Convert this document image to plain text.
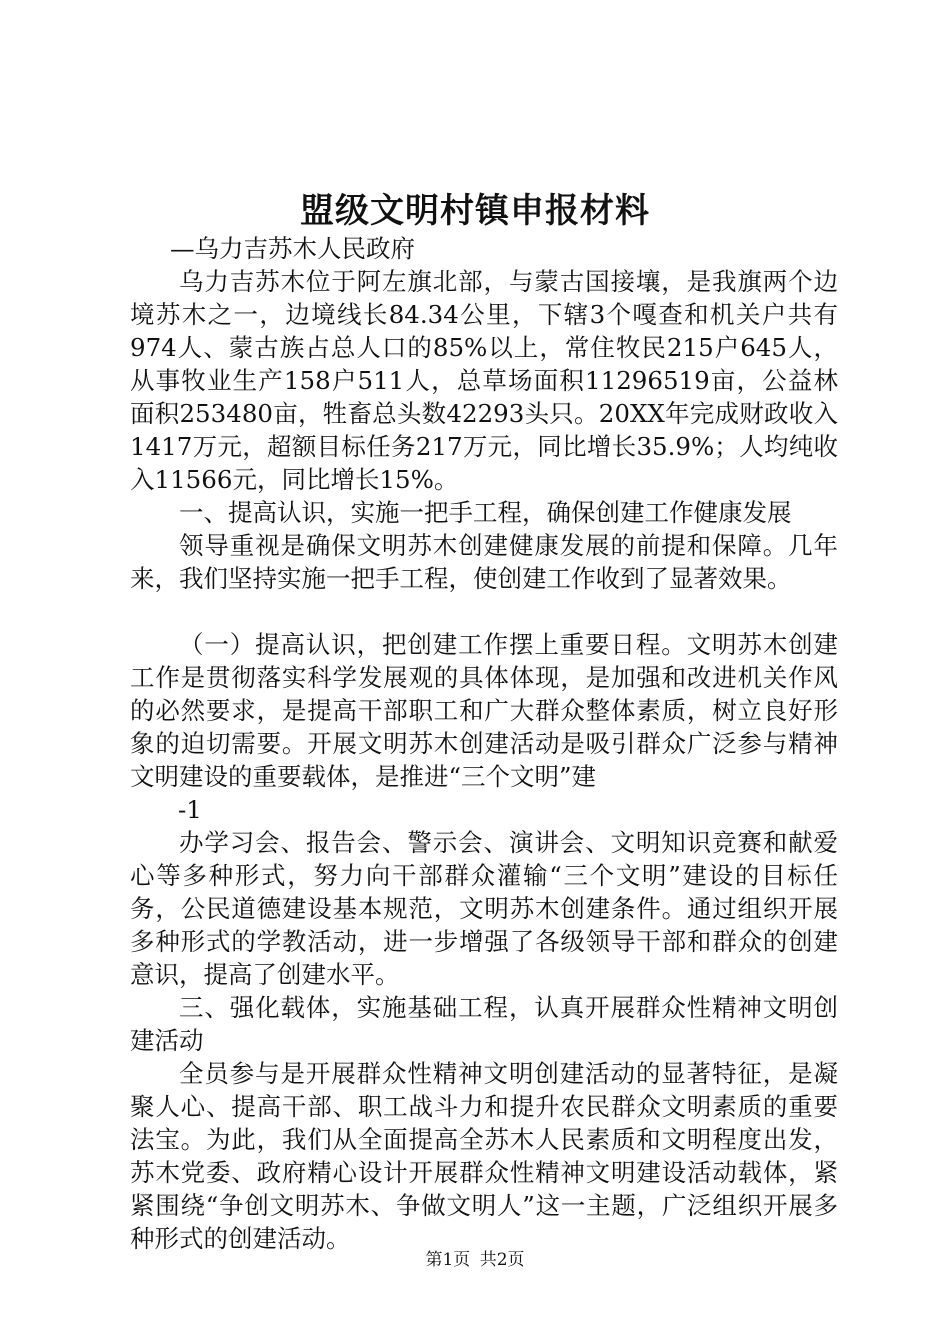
盟级文明村镇申报材料

—乌力吉苏木人民政府

乌力吉苏木位于阿左旗北部，与蒙古国接壤，是我旗两个边境苏木之一，边境线长84.34公里，下辖3个嘎查和机关户共有974人、蒙古族占总人口的85%以上，常住牧民215户645人，从事牧业生产158户511人，总草场面积11296519亩，公益林面积253480亩，牲畜总头数42293头只。20XX年完成财政收入1417万元，超额目标任务217万元，同比增长35.9%；人均纯收入11566元，同比增长15%。

一、提高认识，实施一把手工程，确保创建工作健康发展

领导重视是确保文明苏木创建健康发展的前提和保障。几年来，我们坚持实施一把手工程，使创建工作收到了显著效果。

（一）提高认识，把创建工作摆上重要日程。文明苏木创建工作是贯彻落实科学发展观的具体体现，是加强和改进机关作风的必然要求，是提高干部职工和广大群众整体素质，树立良好形象的迫切需要。开展文明苏木创建活动是吸引群众广泛参与精神文明建设的重要载体，是推进“三个文明”建

-1

办学习会、报告会、警示会、演讲会、文明知识竞赛和献爱心等多种形式，努力向干部群众灌输“三个文明”建设的目标任务，公民道德建设基本规范，文明苏木创建条件。通过组织开展多种形式的学教活动，进一步增强了各级领导干部和群众的创建意识，提高了创建水平。

三、强化载体，实施基础工程，认真开展群众性精神文明创建活动

全员参与是开展群众性精神文明创建活动的显著特征，是凝聚人心、提高干部、职工战斗力和提升农民群众文明素质的重要法宝。为此，我们从全面提高全苏木人民素质和文明程度出发，苏木党委、政府精心设计开展群众性精神文明建设活动载体，紧紧围绕“争创文明苏木、争做文明人”这一主题，广泛组织开展多种形式的创建活动。

第1页 共2页
